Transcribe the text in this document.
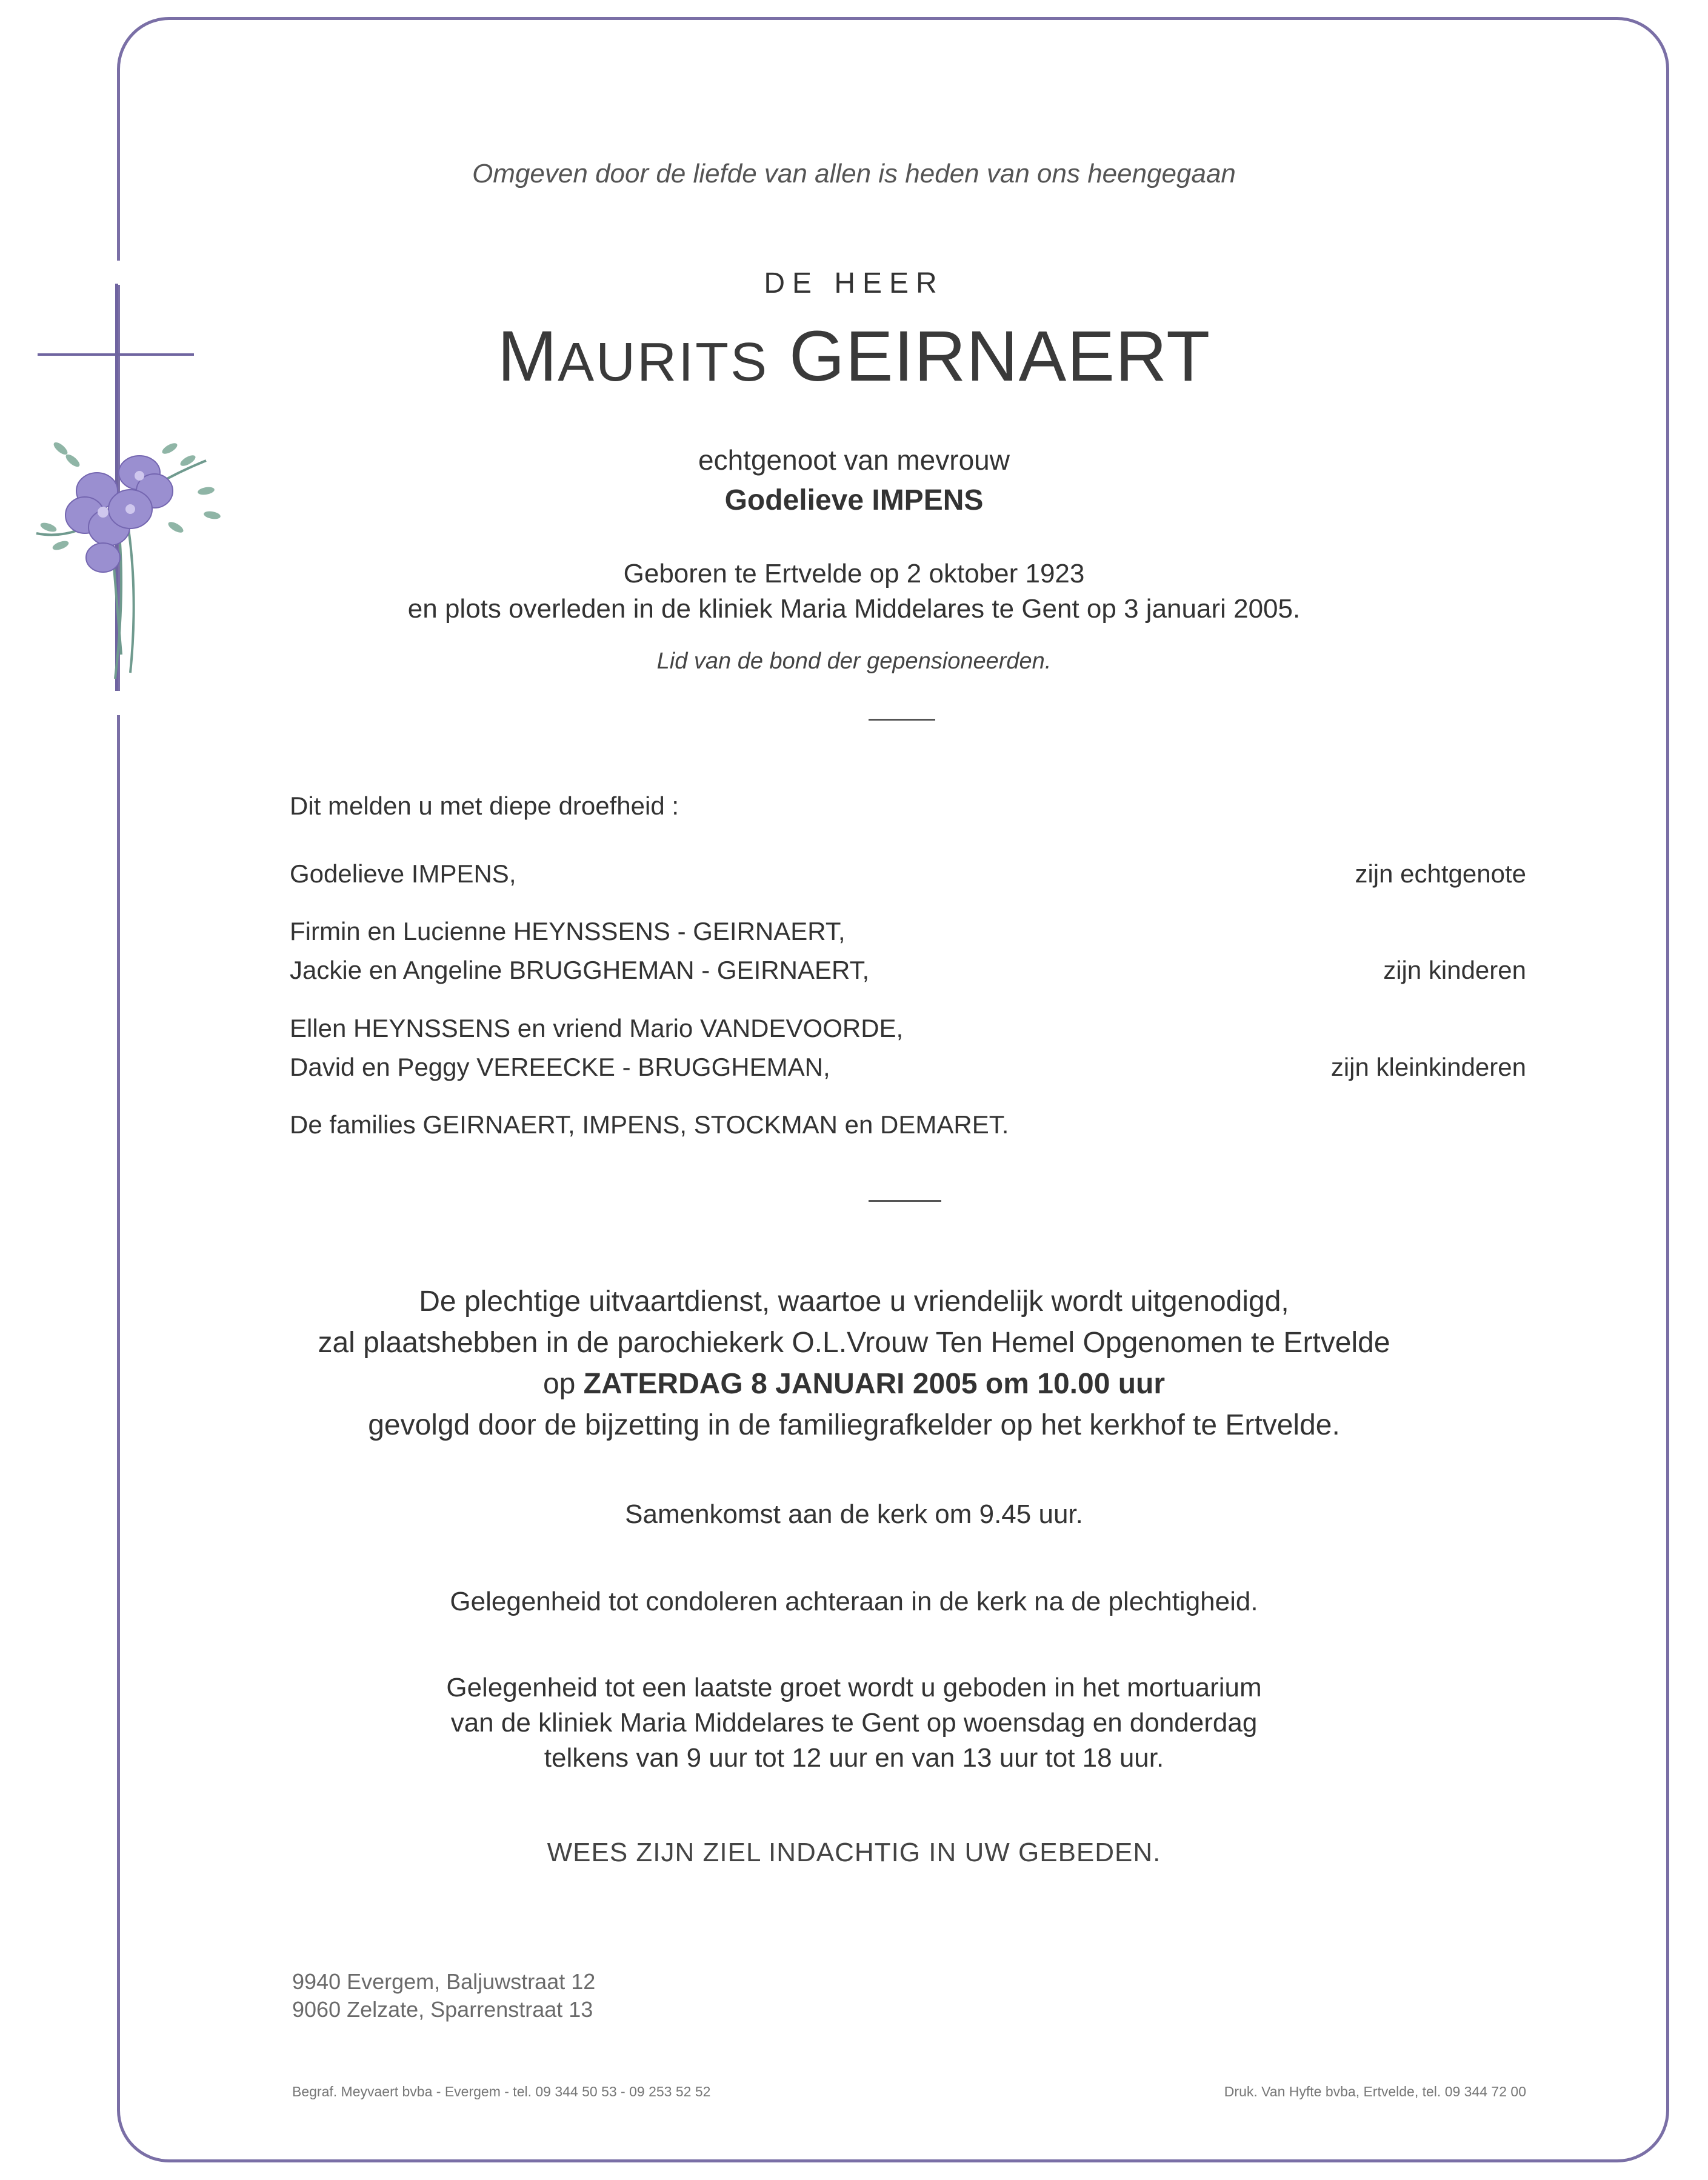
Omgeven door de liefde van allen is heden van ons heengegaan

DE HEER

MAURITS GEIRNAERT

echtgenoot van mevrouw

Godelieve IMPENS

Geboren te Ertvelde op 2 oktober 1923

en plots overleden in de kliniek Maria Middelares te Gent op 3 januari 2005.

Lid van de bond der gepensioneerden.

Dit melden u met diepe droefheid :

Godelieve IMPENS,

Firmin en Lucienne HEYNSSENS - GEIRNAERT,

Jackie en Angeline BRUGGHEMAN - GEIRNAERT,

Ellen HEYNSSENS en vriend Mario VANDEVOORDE,

David en Peggy VEREECKE - BRUGGHEMAN,

De families GEIRNAERT, IMPENS, STOCKMAN en DEMARET.

zijn echtgenote

zijn kinderen

zijn kleinkinderen

De plechtige uitvaartdienst, waartoe u vriendelijk wordt uitgenodigd,

zal plaatshebben in de parochiekerk O.L.Vrouw Ten Hemel Opgenomen te Ertvelde

op ZATERDAG 8 JANUARI 2005 om 10.00 uur

gevolgd door de bijzetting in de familiegrafkelder op het kerkhof te Ertvelde.

Samenkomst aan de kerk om 9.45 uur.

Gelegenheid tot condoleren achteraan in de kerk na de plechtigheid.

Gelegenheid tot een laatste groet wordt u geboden in het mortuarium

van de kliniek Maria Middelares te Gent op woensdag en donderdag

telkens van 9 uur tot 12 uur en van 13 uur tot 18 uur.

WEES ZIJN ZIEL INDACHTIG IN UW GEBEDEN.

9940 Evergem, Baljuwstraat 12

9060 Zelzate, Sparrenstraat 13

Begraf. Meyvaert bvba - Evergem - tel. 09 344 50 53 - 09 253 52 52	Druk. Van Hyfte bvba, Ertvelde, tel. 09 344 72 00
